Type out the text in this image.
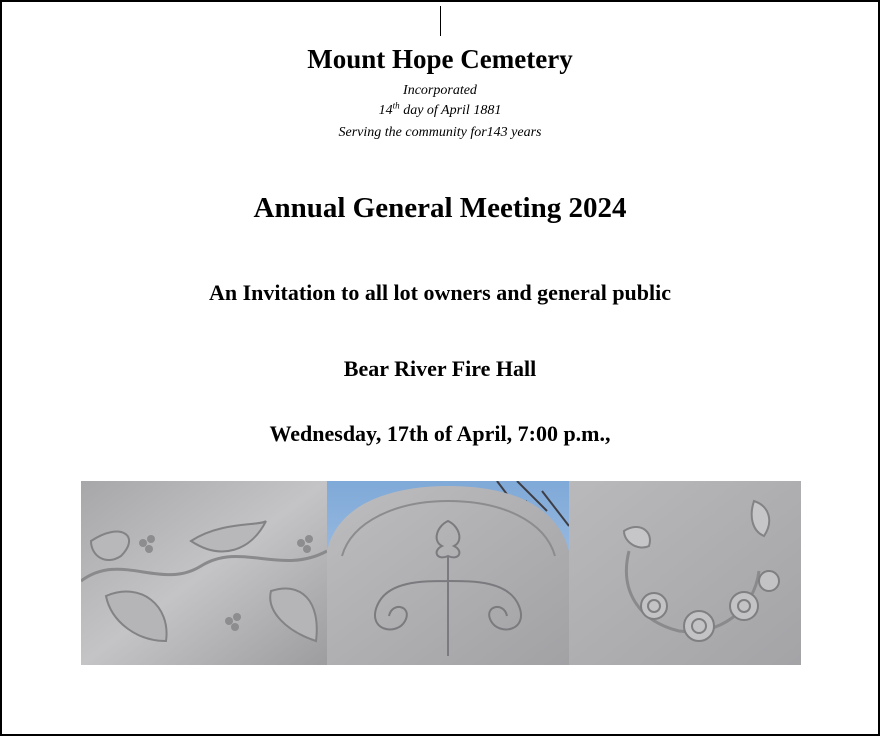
Mount Hope Cemetery
Incorporated
14th day of April 1881
Serving the community for143 years
Annual General Meeting 2024
An Invitation to all lot owners and general public
Bear River Fire Hall
Wednesday, 17th of April, 7:00 p.m.,
